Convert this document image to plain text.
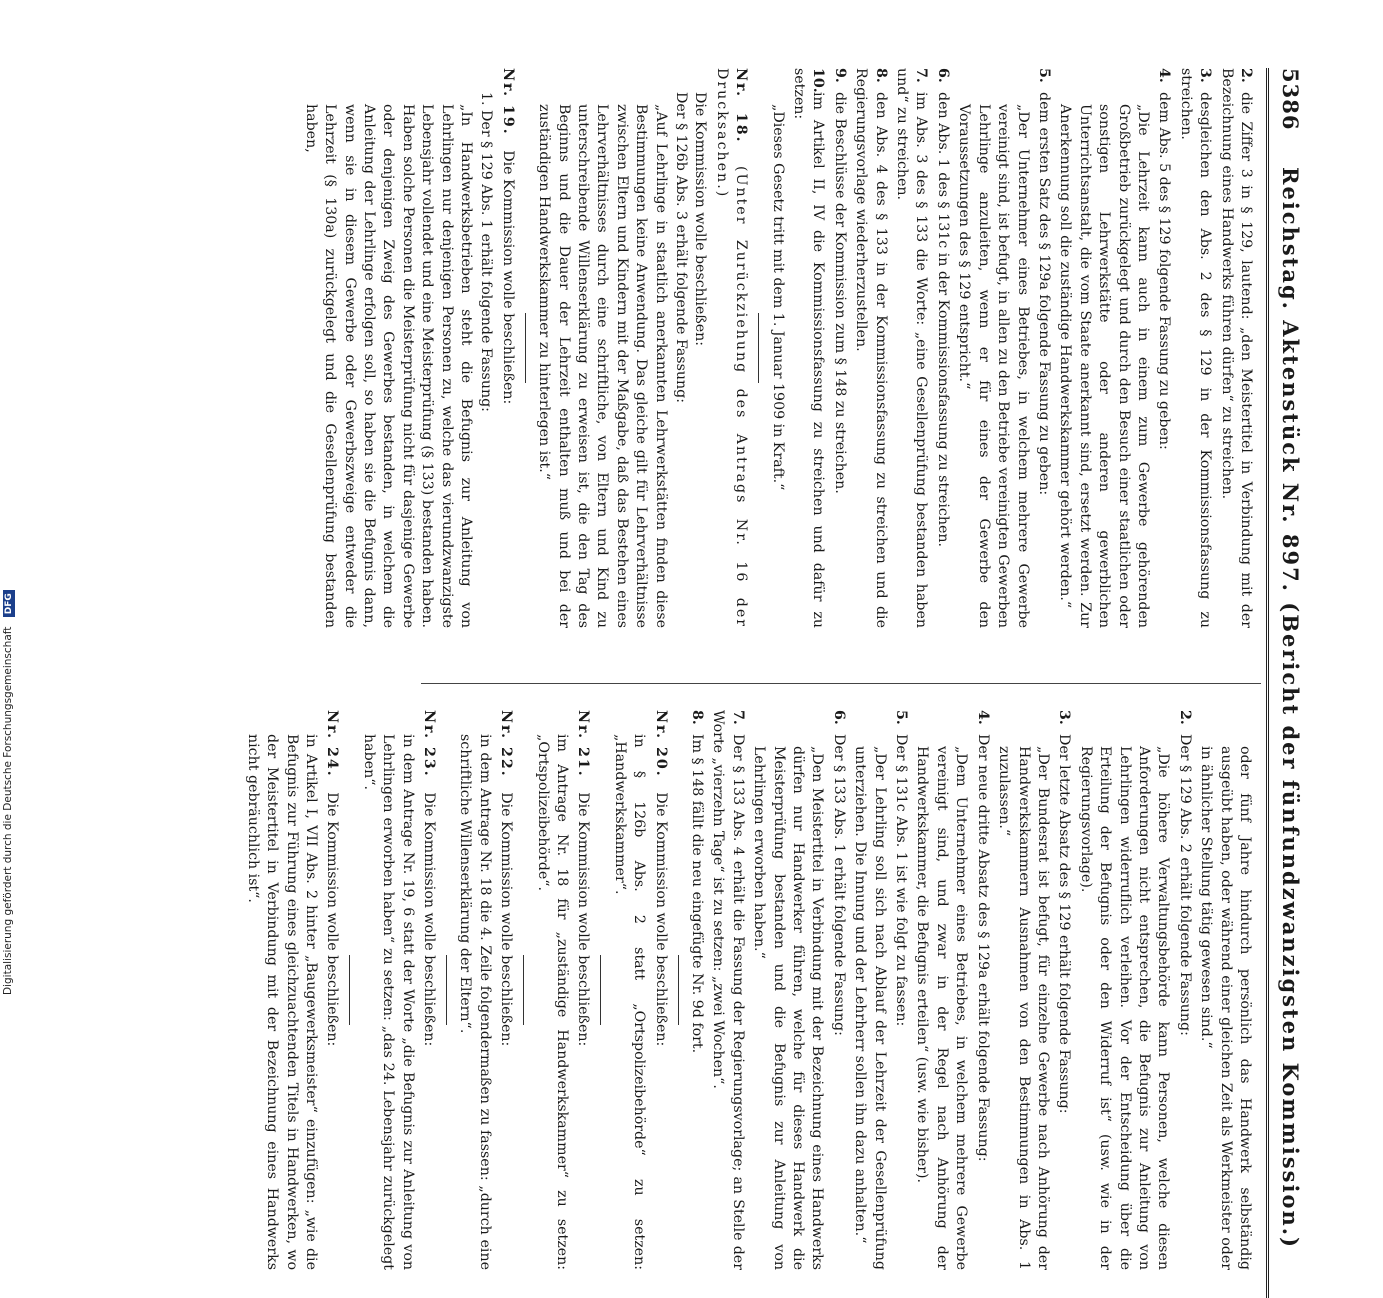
5386
Reichstag. Aktenstück Nr. 897. (Bericht der fünfundzwanzigsten Kommission.)
2.die Ziffer 3 in § 129, lautend: „den Meistertitel in Verbindung mit der Bezeichnung eines Handwerks führen dürfen“ zu streichen.
3.desgleichen den Abs. 2 des § 129 in der Kommissionsfassung zu streichen.
4.dem Abs. 5 des § 129 folgende Fassung zu geben:
„Die Lehrzeit kann auch in einem zum Gewerbe gehörenden Großbetrieb zurückgelegt und durch den Besuch einer staatlichen oder sonstigen Lehrwerkstätte oder anderen gewerblichen Unterrichtsanstalt, die vom Staate anerkannt sind, ersetzt werden. Zur Anerkennung soll die zuständige Handwerkskammer gehört werden.“
5.dem ersten Satz des § 129a folgende Fassung zu geben:
„Der Unternehmer eines Betriebes, in welchem mehrere Gewerbe vereinigt sind, ist befugt, in allen zu den Betriebe vereinigten Gewerben Lehrlinge anzuleiten, wenn er für eines der Gewerbe den Voraussetzungen des § 129 entspricht.“
6.den Abs. 1 des § 131c in der Kommissionsfassung zu streichen.
7.im Abs. 3 des § 133 die Worte: „eine Gesellenprüfung bestanden haben und“ zu streichen.
8.den Abs. 4 des § 133 in der Kommissionsfassung zu streichen und die Regierungsvorlage wiederherzustellen.
9.die Beschlüsse der Kommission zum § 148 zu streichen.
10.im Artikel II, IV die Kommissionsfassung zu streichen und dafür zu setzen:
„Dieses Gesetz tritt mit dem 1. Januar 1909 in Kraft.“
Nr. 18. (Unter Zurückziehung des Antrags Nr. 16 der Drucksachen.)
Die Kommission wolle beschließen:
Der § 126b Abs. 3 erhält folgende Fassung:
„Auf Lehrlinge in staatlich anerkannten Lehrwerkstätten finden diese Bestimmungen keine Anwendung. Das gleiche gilt für Lehrverhältnisse zwischen Eltern und Kindern mit der Maßgabe, daß das Bestehen eines Lehrverhältnisses durch eine schriftliche, von Eltern und Kind zu unterschreibende Willenserklärung zu erweisen ist, die den Tag des Beginns und die Dauer der Lehrzeit enthalten muß und bei der zuständigen Handwerkskammer zu hinterlegen ist.“
Nr. 19. Die Kommission wolle beschließen:
1. Der § 129 Abs. 1 erhält folgende Fassung:
„In Handwerksbetrieben steht die Befugnis zur Anleitung von Lehrlingen nur denjenigen Personen zu, welche das vierundzwanzigste Lebensjahr vollendet und eine Meisterprüfung (§ 133) bestanden haben. Haben solche Personen die Meisterprüfung nicht für dasjenige Gewerbe oder denjenigen Zweig des Gewerbes bestanden, in welchem die Anleitung der Lehrlinge erfolgen soll, so haben sie die Befugnis dann, wenn sie in diesem Gewerbe oder Gewerbszweige entweder die Lehrzeit (§ 130a) zurückgelegt und die Gesellenprüfung bestanden haben,
oder fünf Jahre hindurch persönlich das Handwerk selbständig ausgeübt haben, oder während einer gleichen Zeit als Werkmeister oder in ähnlicher Stellung tätig gewesen sind.“
2.Der § 129 Abs. 2 erhält folgende Fassung:
„Die höhere Verwaltungsbehörde kann Personen, welche diesen Anforderungen nicht entsprechen, die Befugnis zur Anleitung von Lehrlingen widerruflich verleihen. Vor der Entscheidung über die Erteilung der Befugnis oder den Widerruf ist“ (usw. wie in der Regierungsvorlage).
3.Der letzte Absatz des § 129 erhält folgende Fassung:
„Der Bundesrat ist befugt, für einzelne Gewerbe nach Anhörung der Handwerkskammern Ausnahmen von den Bestimmungen in Abs. 1 zuzulassen.“
4.Der neue dritte Absatz des § 129a erhält folgende Fassung:
„Dem Unternehmer eines Betriebes, in welchem mehrere Gewerbe vereinigt sind, und zwar in der Regel nach Anhörung der Handwerkskammer, die Befugnis erteilen“ (usw. wie bisher).
5.Der § 131c Abs. 1 ist wie folgt zu fassen:
„Der Lehrling soll sich nach Ablauf der Lehrzeit der Gesellenprüfung unterziehen. Die Innung und der Lehrherr sollen ihn dazu anhalten.“
6.Der § 133 Abs. 1 erhält folgende Fassung:
„Den Meistertitel in Verbindung mit der Bezeichnung eines Handwerks dürfen nur Handwerker führen, welche für dieses Handwerk die Meisterprüfung bestanden und die Befugnis zur Anleitung von Lehrlingen erworben haben.“
7.Der § 133 Abs. 4 erhält die Fassung der Regierungsvorlage; an Stelle der Worte „vierzehn Tage“ ist zu setzen: „zwei Wochen“.
8.Im § 148 fällt die neu eingefügte Nr. 9d fort.
Nr. 20. Die Kommission wolle beschließen:
in § 126b Abs. 2 statt „Ortspolizeibehörde“ zu setzen: „Handwerkskammer“.
Nr. 21. Die Kommission wolle beschließen:
im Antrage Nr. 18 für „zuständige Handwerkskammer“ zu setzen: „Ortspolizeibehörde“.
Nr. 22. Die Kommission wolle beschließen:
in dem Antrage Nr. 18 die 4. Zeile folgendermaßen zu fassen: „durch eine schriftliche Willenserklärung der Eltern“.
Nr. 23. Die Kommission wolle beschließen:
in dem Antrage Nr. 19, 6 statt der Worte „die Befugnis zur Anleitung von Lehrlingen erworben haben“ zu setzen: „das 24. Lebensjahr zurückgelegt haben“.
Nr. 24. Die Kommission wolle beschließen:
in Artikel I, VII Abs. 2 hinter „Baugewerksmeister“ einzufügen: „wie die Befugnis zur Führung eines gleichzuachtenden Titels in Handwerken, wo der Meistertitel in Verbindung mit der Bezeichnung eines Handwerks nicht gebräuchlich ist“.
Digitalisierung gefördert durch die Deutsche Forschungsgemeinschaft DFG
